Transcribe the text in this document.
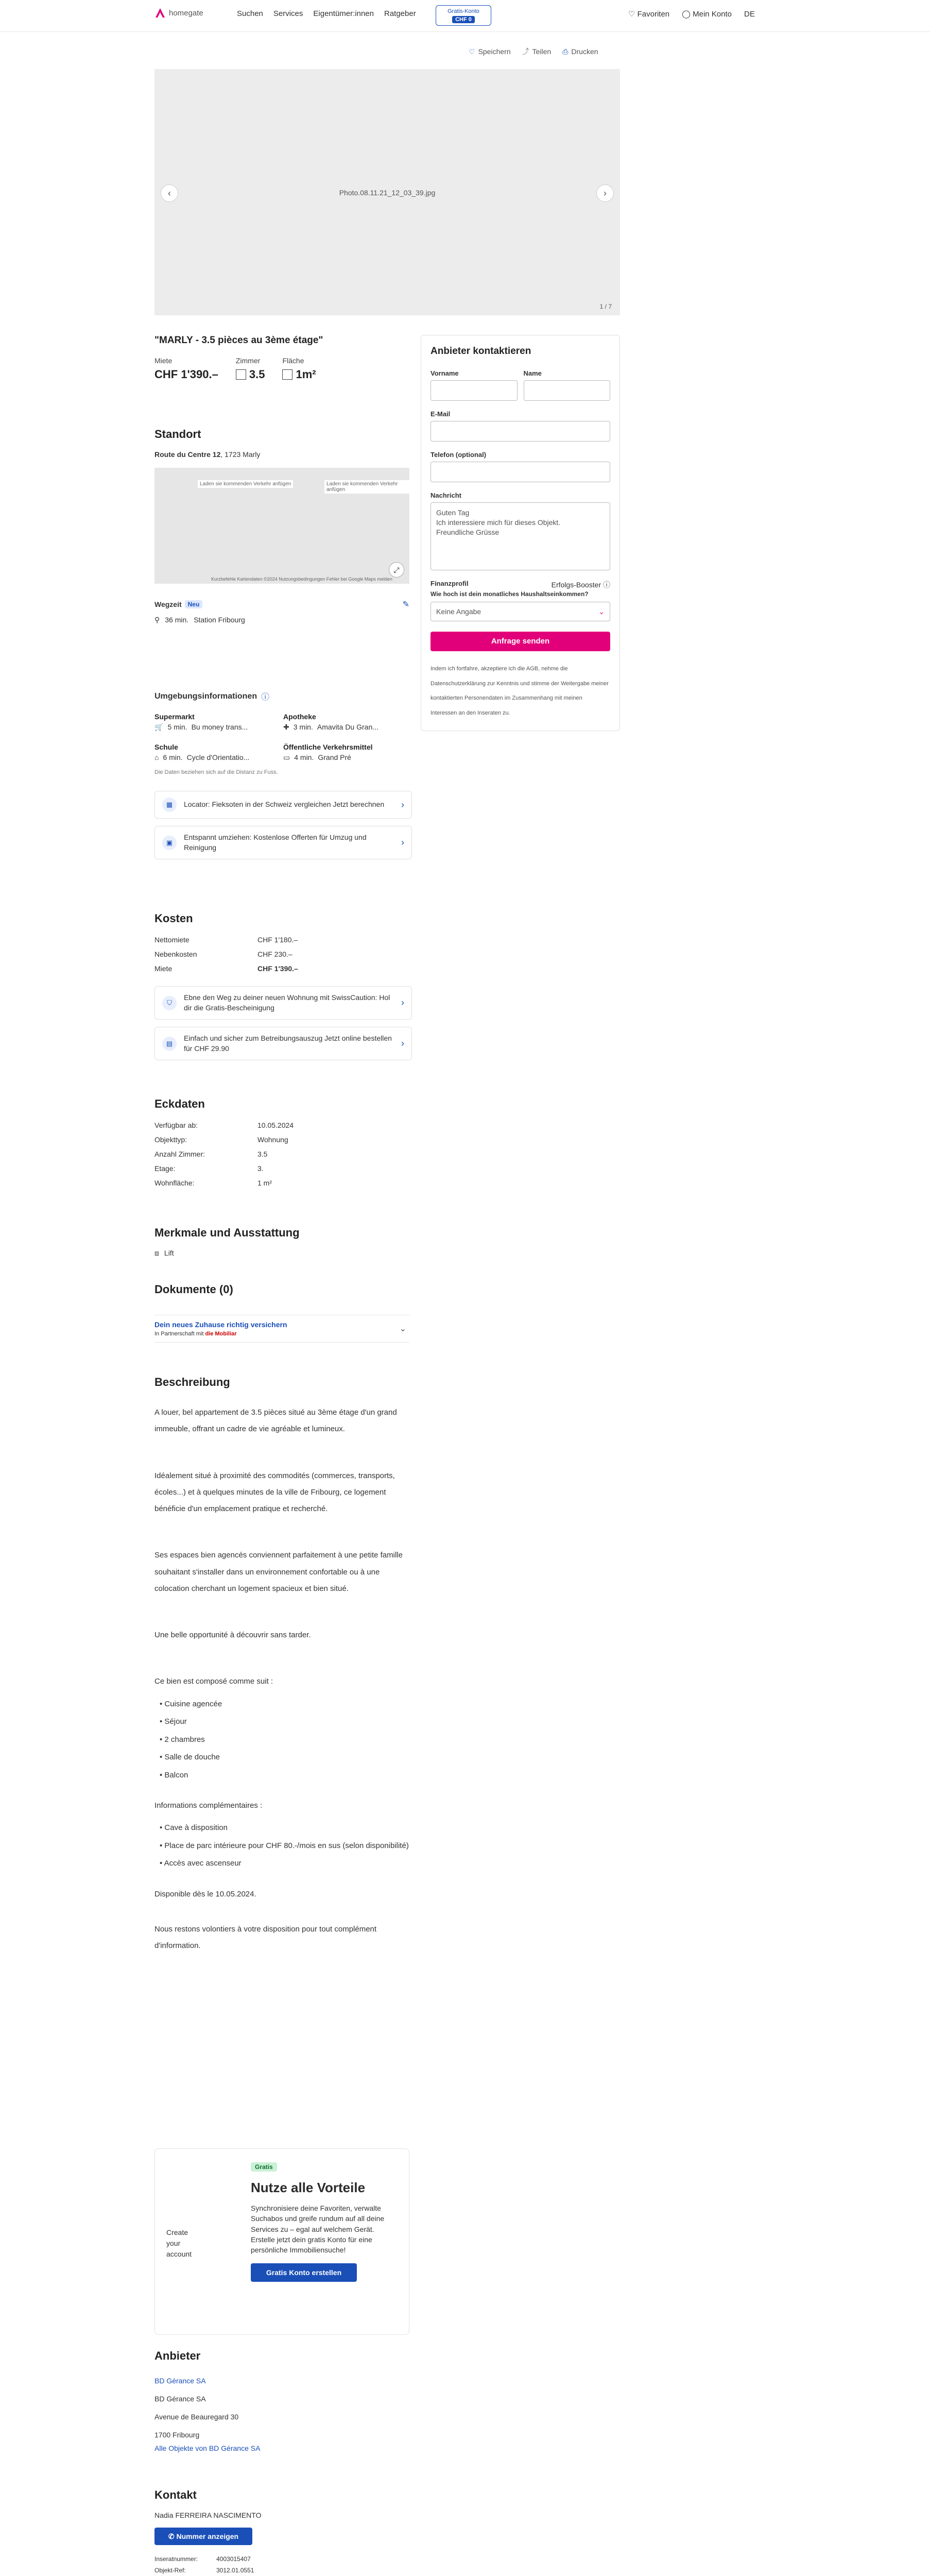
homegate	Suchen Services Eigentümer:innen Ratgeber	Gratis-Konto
CHF 0
♡ Favoriten ◯ Mein Konto DE
♡ Speichern ⤴ Teilen ⎙ Drucken
‹	Photo.08.11.21_12_03_39.jpg	›
1 / 7
"MARLY - 3.5 pièces au 3ème étage"
Miete
CHF 1'390.–
Zimmer
3.5
Fläche
1m²
Standort
Route du Centre 12, 1723 Marly
Laden sie kommenden Verkehr anfügen	Laden sie kommenden Verkehr anfügen
⤢
Kurzbefehle Kartendaten ©2024 Nutzungsbedingungen Fehler bei Google Maps melden
Wegzeit	Neu	✎
⚲ 36 min. Station Fribourg
Umgebungsinformationen ⓘ
Supermarkt
🛒 5 min. Bu money trans...
Apotheke
✚ 3 min. Amavita Du Gran...
Schule
⌂ 6 min. Cycle d'Orientatio...
Öffentliche Verkehrsmittel
▭ 4 min. Grand Pré
Die Daten beziehen sich auf die Distanz zu Fuss.
▦	Locator: Fieksoten in der Schweiz vergleichen Jetzt berechnen	›
▣
Entspannt umziehen: Kostenlose Offerten für Umzug und Reinigung	›
Kosten
Nettomiete	CHF 1'180.–
Nebenkosten	CHF 230.–
Miete	CHF 1'390.–
⛉
Ebne den Weg zu deiner neuen Wohnung mit SwissCaution: Hol dir die Gratis-Bescheinigung	›
▤
Einfach und sicher zum Betreibungsauszug Jetzt online bestellen für CHF 29.90	›
Eckdaten
Verfügbar ab:	10.05.2024
Objekttyp:	Wohnung
Anzahl Zimmer:	3.5
Etage:	3.
Wohnfläche:	1 m²
Merkmale und Ausstattung
⧈ Lift
Dokumente (0)
Dein neues Zuhause richtig versichern
In Partnerschaft mit die Mobiliar
⌄
Beschreibung

A louer, bel appartement de 3.5 pièces situé au 3ème étage d'un grand immeuble, offrant un cadre de vie agréable et lumineux.

Idéalement situé à proximité des commodités (commerces, transports, écoles...) et à quelques minutes de la ville de Fribourg, ce logement bénéficie d'un emplacement pratique et recherché.

Ses espaces bien agencés conviennent parfaitement à une petite famille souhaitant s'installer dans un environnement confortable ou à une colocation cherchant un logement spacieux et bien situé.

Une belle opportunité à découvrir sans tarder.

Ce bien est composé comme suit :

• Cuisine agencée
• Séjour
• 2 chambres
• Salle de douche
• Balcon

Informations complémentaires :

• Cave à disposition
• Place de parc intérieure pour CHF 80.-/mois en sus (selon disponibilité)
• Accès avec ascenseur

Disponible dès le 10.05.2024.

Nous restons volontiers à votre disposition pour tout complément d'information.

Create your account
Gratis
Nutze alle Vorteile
Synchronisiere deine Favoriten, verwalte Suchabos und greife rundum auf all deine Services zu – egal auf welchem Gerät. Erstelle jetzt dein gratis Konto für eine persönliche Immobiliensuche!
Gratis Konto erstellen
Anbieter
BD Gérance SA
BD Gérance SA
Avenue de Beauregard 30
1700 Fribourg
Alle Objekte von BD Gérance SA
Kontakt
Nadia FERREIRA NASCIMENTO
✆ Nummer anzeigen
Inseratnummer:	4003015407
Objekt-Ref:	3012.01.0551
Anbieter kontaktieren
Vorname	Name
E-Mail
Telefon (optional)
Nachricht
Guten Tag
Ich interessiere mich für dieses Objekt.
Freundliche Grüsse
Finanzprofil	Erfolgs-Booster ⓘ
Wie hoch ist dein monatliches Haushaltseinkommen?
Keine Angabe	⌄
Anfrage senden
Indem ich fortfahre, akzeptiere ich die AGB, nehme die Datenschutzerklärung zur Kenntnis und stimme der Weitergabe meiner kontaktierten Personendaten im Zusammenhang mit meinen Interessen an den Inseraten zu.
